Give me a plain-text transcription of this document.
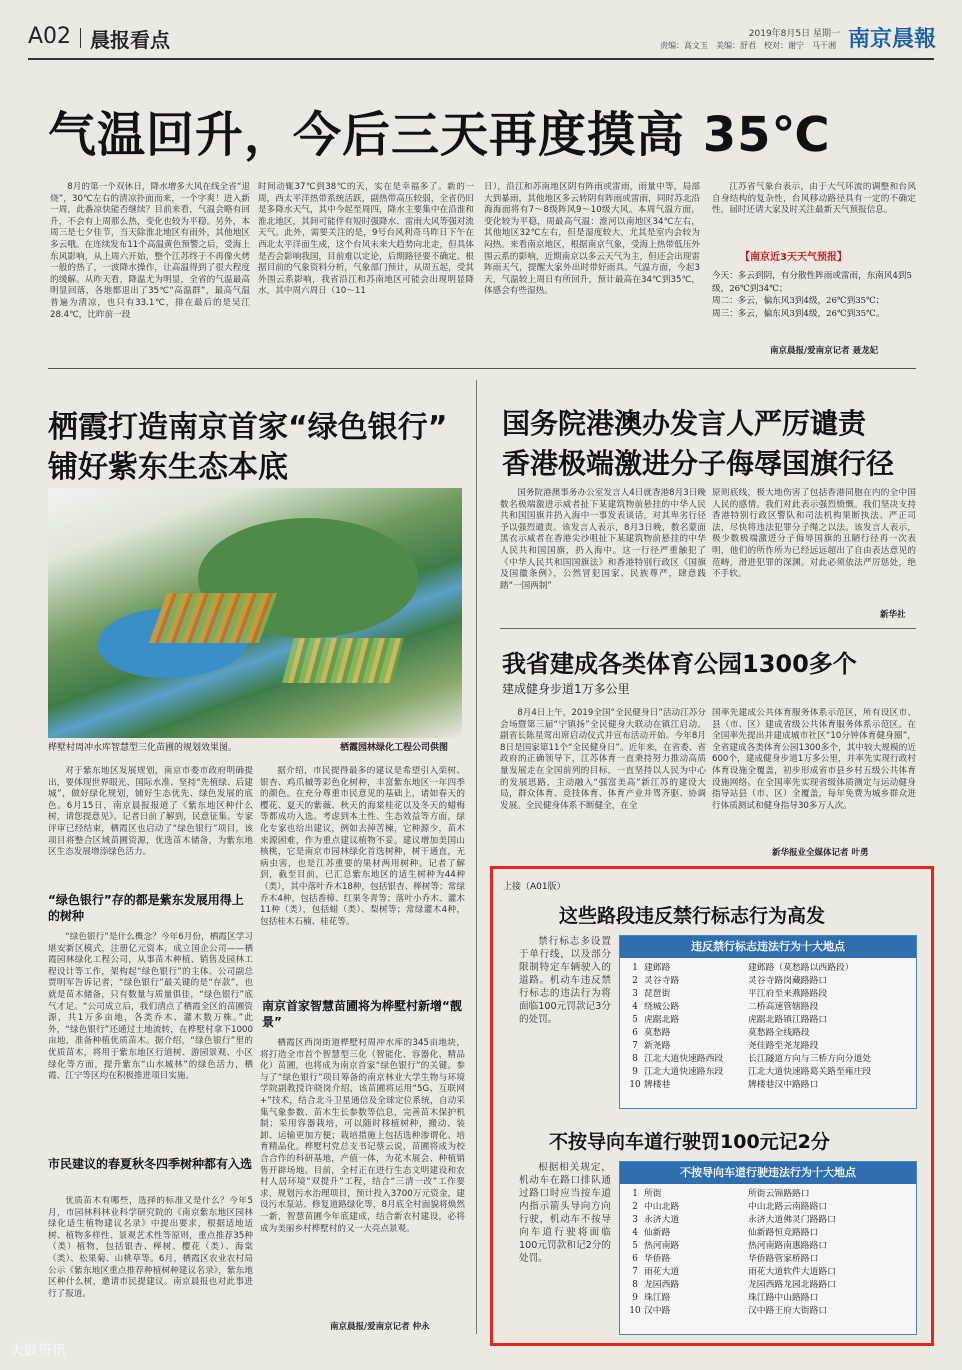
A02 晨报看点	2019年8月5日 星期一
责编：高文玉　美编：舒君　校对：谢宁　马干湘 南京晨報
气温回升，今后三天再度摸高 35℃
8月的第一个双休日，降水增多大风在线全省“退烧”，30℃左右的清凉扑面而来，一个字爽！进入新一周，此番凉快能否继续？目前来看，气温会略有回升，不会有上周那么热，变化也较为平稳。另外，本周三是七夕佳节，当天除淮北地区有雨外，其他地区多云哦。在连续发布11个高温黄色预警之后，受海上东风影响，从上周六开始，整个江苏终于不再像火烤一般的热了，一波降水操作，让高温得到了很大程度的缓解。从昨天看，降温尤为明显，全省的气温最高明显回落，各地都退出了35℃“高温群”，最高气温普遍为清凉，也只有33.1℃，排在最后的是吴江28.4℃，比昨前一段
时间动辄37℃到38℃的天，实在是幸福多了。新的一周，西太平洋热带系统活跃，副热带高压较弱，全省仍旧是多降水天气，其中今起至周四，降水主要集中在沿淮和淮北地区，其间可能伴有短时强降水、雷雨大风等强对流天气。此外，需要关注的是，9号台风利奇马昨日下午在西北太平洋面生成，这个台风未来大趋势向北走，但具体是否会影响我国，目前难以定论，后期路径要不确定。根据目前的气象资料分析，气象部门预计，从周五起，受其外围云系影响，我省沿江和苏南地区可能会出现明显降水，其中周六周日（10～11
日），沿江和苏南地区阴有阵雨或雷雨，雨量中等，局部大到暴雨，其他地区多云转阴有阵雨或雷雨，同时苏北沿海海面将有7～8级阵风9～10级大风。本周气温方面，变化较为平稳，周最高气温：淮河以南地区34℃左右，其他地区32℃左右，但是湿度较大，尤其是室内会较为闷热。来看南京地区，根据南京气象，受海上热带低压外围云系的影响，近期南京以多云天气为主，但还会出现雷阵雨天气，提醒大家外出时带好雨具。气温方面，今起3天，气温较上周日有所回升，预计最高在34℃到35℃，体感会有些湿热。
江苏省气象台表示，由于大气环流的调整和台风自身结构的复杂性，台风移动路径具有一定的不确定性，届时还请大家及时关注最新天气预报信息。
【南京近3天天气预报】
今天：多云到阴，有分散性阵雨或雷雨，东南风4到5级，26℃到34℃；
周二：多云，偏东风3到4级，26℃到35℃；
周三：多云，偏东风3到4级，26℃到35℃。
南京晨报/爱南京记者 聂龙妃
栖霞打造南京首家“绿色银行”
铺好紫东生态本底
桦墅村周冲水库智慧型三化苗圃的规划效果图。	栖霞园林绿化工程公司供图
对于紫东地区发展规划，南京市委市政府明确提出，要体现世界眼光、国际水准、坚持“先植绿、后建城”，做好绿化规划，铺好生态优先、绿色发展的底色。6月15日，南京晨报报道了《紫东地区种什么树，请您提意见》。记者日前了解到，民意征集、专家评审已经结束，栖霞区也启动了“绿色银行”项目，该项目将整合区域苗圃资源，优选苗木储备，为紫东地区生态发展增添绿色活力。
“绿色银行”存的都是紫东发展用得上的树种
“绿色银行”是什么概念？今年6月份，栖霞区学习堪安新区模式，注册亿元资本，成立国企公司——栖霞园林绿化工程公司，从事苗木种植、销售及园林工程设计等工作，架构起“绿色银行”的主体。公司副总贾明军告诉记者，“绿色银行”最关键的是“存款”，也就是苗木储备，只有数量与质量俱佳，“绿色银行”底气才足。“公司成立后，我们清点了栖霞全区的苗圃资源，共1万多亩地，各类乔木、灌木数万株。”此外，“绿色银行”还通过土地流转，在桦墅村拿下1000亩地，准备种植优质苗木。据介绍，“绿色银行”里的优质苗木，将用于紫东地区行道树、游园景观、小区绿化等方面，提升紫东“山水城林”的绿色活力，栖霞、江宁等区均在积极推进项目实施。
市民建议的春夏秋冬四季树种都有入选
优质苗木有哪些，选择的标准又是什么？今年5月，市园林科林业科学研究院的《南京紫东地区园林绿化适生植物建议名录》中提出要求，根据适地适树、植物多样性、景观艺术性等原则，重点推荐35种（类）植物，包括银杏、榉树、樱花（类）、海棠（类）、松果菊、山桃草等。6月，栖霞区农业农村局公示《紫东地区重点推荐种植树种建议名录》，紫东地区种什么树，邀请市民提建议。南京晨报也对此事进行了报道。
据介绍，市民提得最多的建议是希望引入栾树、银杏、鸡爪槭等彩色化树种，丰富紫东地区一年四季的颜色。在充分尊重市民意见的基础上，诸如春天的樱花、夏天的紫薇、秋天的海棠桂花以及冬天的蜡梅等都成功入选。考虑到本土性、生态效益等方面，绿化专家也给出建议，例如去掉苦楝，它种源少，苗木来源困难，作为重点建议植物不妥。建议增加美国山核桃，它是南京市园林绿化首选树种，树干通直，无病虫害，也是江苏重要的果材两用树种。记者了解到，截至目前，已汇总紫东地区的适生树种为44种（类），其中落叶乔木18种，包括银杏、榉树等；常绿乔木4种，包括香樟、红果冬青等；落叶小乔木、灌木11种（类），包括蜡（类）、梨树等；常绿灌木4种，包括桂木石楠、桂花等。
南京首家智慧苗圃将为桦墅村新增“靓景”
栖霞区西岗街道桦墅村周冲水库的345亩地块，将打造全市首个智慧型三化（智能化、容器化、精品化）苗圃，也将成为南京首家“绿色银行”的关键。参与了“绿色银行”项目筹备的南京林业大学生物与环境学院副教授许晓岗介绍，该苗圃将运用“5G、互联网+”技术，结合北斗卫星通信及全球定位系统，自动采集气象参数、苗木生长参数等信息，完善苗木保护机制；采用容器栽培，可以随时移植树种，搬动、装卸、运输更加方便；栽培措施上包括选种渗谓化、培育精品化。桦墅村党总支书记蔡云说，苗圃将成为校合合作的科研基地，产值一体，为花木展会、种植销售开辟场地。目前，全村正在进行生态文明建设和农村人居环境“双提升”工程，结合“三清一改”工作要求，规划污水治理项目，预计投入3700万元资金，建设污水泵站、修复道路绿化等，8月底全村面貌将焕然一新，智慧苗圃今年底建成，结合新农村建设，必将成为美丽乡村桦墅村的又一大亮点景观。
南京晨报/爱南京记者 仲永
国务院港澳办发言人严厉谴责
香港极端激进分子侮辱国旗行径
国务院港澳事务办公室发言人4日就香港8月3日晚数名极端激进示威者扯下某建筑物前悬挂的中华人民共和国国旗并扔入海中一事发表谈话，对其卑劣行径予以强烈谴责。该发言人表示，8月3日晚，数名蒙面黑衣示威者在香港尖沙咀扯下某建筑物前悬挂的中华人民共和国国旗，扔入海中。这一行径严重触犯了《中华人民共和国国旗法》和香港特别行政区《国旗及国徽条例》，公然冒犯国家、民族尊严，肆意践踏“一国两制”
原则底线，极大地伤害了包括香港同胞在内的全中国人民的感情。我们对此表示强烈愤慨。我们坚决支持香港特别行政区警队和司法机构果断执法、严正司法，尽快将违法犯罪分子绳之以法。该发言人表示，极少数极端激进分子侮辱国旗的丑陋行径再一次表明，他们的所作所为已经远远超出了自由表达意见的范畴，滑进犯罪的深渊。对此必须依法严厉惩处，绝不手软。
新华社
我省建成各类体育公园1300多个
建成健身步道1万多公里
8月4日上午，2019全国“全民健身日”活动江苏分会场暨第三届“宁镇扬”全民健身大联动在镇江启动。副省长陈星莺出席启动仪式并宣布活动开始。今年8月8日是国家第11个“全民健身日”。近年来，在省委、省政府的正确领导下，江苏体育一直秉持努力推动高质量发展走在全国前列的目标，一直坚持以人民为中心的发展思路，主动融入“强富美高”新江苏的建设大局，群众体育、竞技体育、体育产业并驾齐驱、协调发展。全民健身体系不断健全，在全
国率先建成公共体育服务体系示范区，所有设区市、县（市、区）建成省级公共体育服务体系示范区。在全国率先提出并建成城市社区“10分钟体育健身圈”，全省建成各类体育公园1300多个，其中较大规模的近600个，建成健身步道1万多公里，并率先实现行政村体育设施全覆盖，初步形成省市县乡村五级公共体育设施网络。在全国率先实现省级体质测定与运动健身指导站县（市、区）全覆盖，每年免费为城乡群众进行体质测试和健身指导30多万人次。
新华报业全媒体记者 叶勇
上接（A01版）
这些路段违反禁行标志行为高发
禁行标志多设置于单行线，以及部分限制特定车辆驶入的道路。机动车违反禁行标志的违法行为将面临100元罚款记3分的处罚。
违反禁行标志违法行为十大地点
1 建邺路	建邺路（莫愁路以西路段）
2 灵谷寺路	灵谷寺路岗藏路路口
3 琵琶街	平江府至来燕路路段
4 绕城公路	二桥高速管辖路段
5 虎踞北路	虎踞北路镇江路路口
6 莫愁路	莫愁路全线路段
7 新尧路	尧佳路至尧龙路段
8 江北大道快速路西段	长江隧道方向与三桥方向分道处
9 江北大道快速路东段	江北大道快速路葛关路至雍庄段
10 牌楼巷	牌楼巷汉中路路口
不按导向车道行驶罚100元记2分
根据相关规定，机动车在路口排队通过路口时应当按车道内指示箭头导向方向行驶，机动车不按导向车道行驶将面临100元罚款和记2分的处罚。
不按导向车道行驶违法行为十大地点
1 所街	所街云锦路路口
2 中山北路	中山北路云南路路口
3 永济大道	永济大道佛灵门路路口
4 仙新路	仙新路恒竞路路口
5 热河南路	热河南路南惠路路口
6 华侨路	华侨路管家桥路口
7 雨花大道	雨花大道软件大道路口
8 龙园西路	龙园西路龙园北路路口
9 珠江路	珠江路中山路路口
10 汉中路	汉中路王府大街路口
大鼓资讯
